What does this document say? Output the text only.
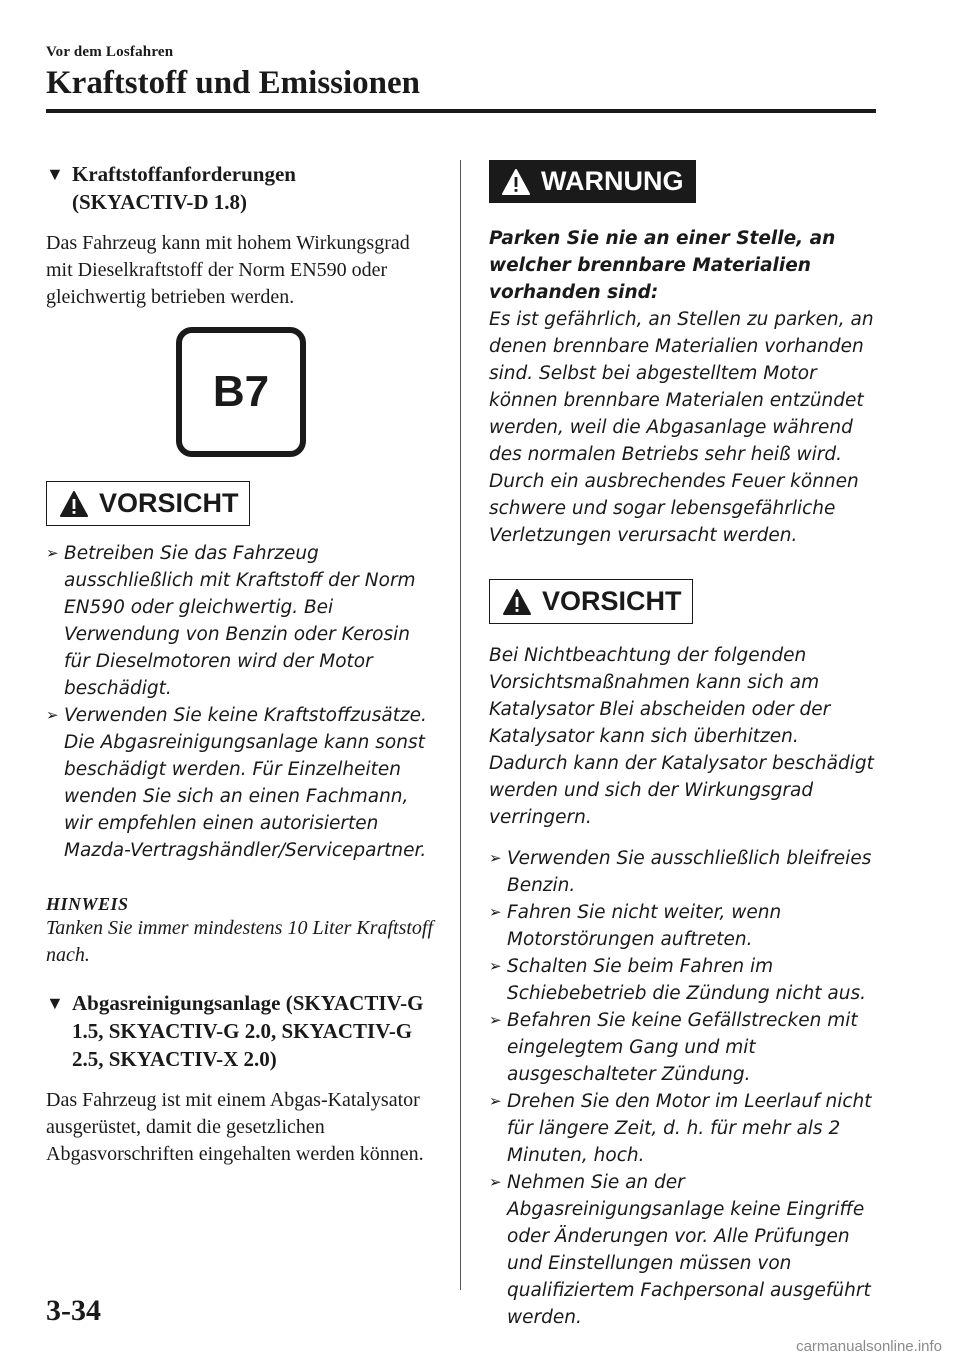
Vor dem Losfahren
Kraftstoff und Emissionen
▼ Kraftstoffanforderungen
(SKYACTIV-D 1.8)
Das Fahrzeug kann mit hohem Wirkungsgrad mit Dieselkraftstoff der Norm EN590 oder gleichwertig betrieben werden.
B7
VORSICHT
➢ Betreiben Sie das Fahrzeug ausschließlich mit Kraftstoff der Norm EN590 oder gleichwertig. Bei Verwendung von Benzin oder Kerosin für Dieselmotoren wird der Motor beschädigt.
➢ Verwenden Sie keine Kraftstoffzusätze. Die Abgasreinigungsanlage kann sonst beschädigt werden. Für Einzelheiten wenden Sie sich an einen Fachmann, wir empfehlen einen autorisierten Mazda-Vertragshändler/Servicepartner.
HINWEIS
Tanken Sie immer mindestens 10 Liter Kraftstoff nach.
▼ Abgasreinigungsanlage (SKYACTIV-G 1.5, SKYACTIV-G 2.0, SKYACTIV-G 2.5, SKYACTIV-X 2.0)
Das Fahrzeug ist mit einem Abgas-Katalysator ausgerüstet, damit die gesetzlichen Abgasvorschriften eingehalten werden können.
WARNUNG
Parken Sie nie an einer Stelle, an welcher brennbare Materialien vorhanden sind:
Es ist gefährlich, an Stellen zu parken, an denen brennbare Materialien vorhanden sind. Selbst bei abgestelltem Motor können brennbare Materialen entzündet werden, weil die Abgasanlage während des normalen Betriebs sehr heiß wird. Durch ein ausbrechendes Feuer können schwere und sogar lebensgefährliche Verletzungen verursacht werden.
VORSICHT
Bei Nichtbeachtung der folgenden Vorsichtsmaßnahmen kann sich am Katalysator Blei abscheiden oder der Katalysator kann sich überhitzen. Dadurch kann der Katalysator beschädigt werden und sich der Wirkungsgrad verringern.
➢ Verwenden Sie ausschließlich bleifreies Benzin.
➢ Fahren Sie nicht weiter, wenn Motorstörungen auftreten.
➢ Schalten Sie beim Fahren im Schiebebetrieb die Zündung nicht aus.
➢ Befahren Sie keine Gefällstrecken mit eingelegtem Gang und mit ausgeschalteter Zündung.
➢ Drehen Sie den Motor im Leerlauf nicht für längere Zeit, d. h. für mehr als 2 Minuten, hoch.
➢ Nehmen Sie an der Abgasreinigungsanlage keine Eingriffe oder Änderungen vor. Alle Prüfungen und Einstellungen müssen von qualifiziertem Fachpersonal ausgeführt werden.
3-34
carmanualsonline.info
